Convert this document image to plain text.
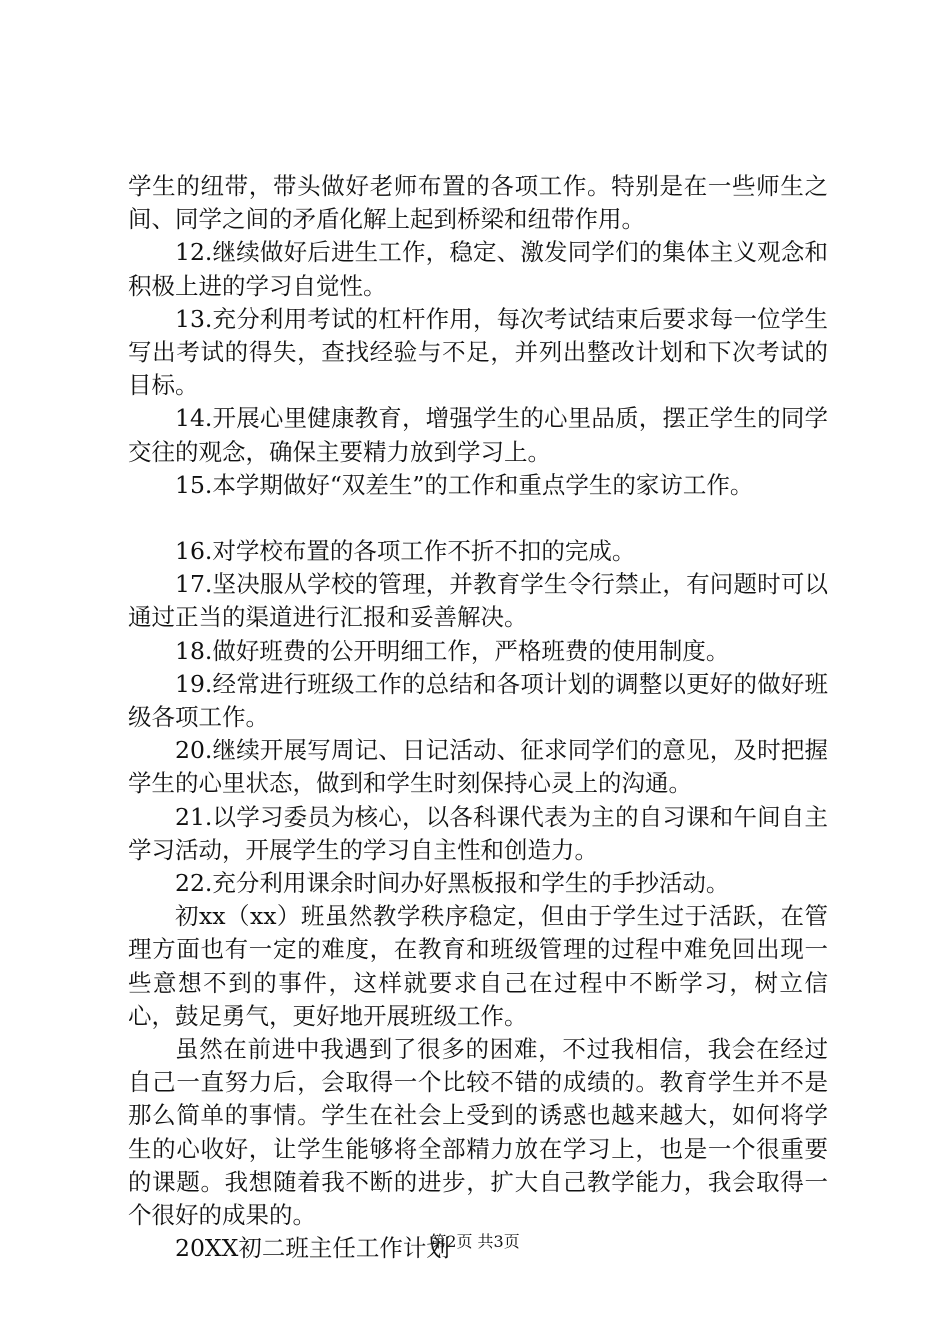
学生的纽带，带头做好老师布置的各项工作。特别是在一些师生之间、同学之间的矛盾化解上起到桥梁和纽带作用。

12.继续做好后进生工作，稳定、激发同学们的集体主义观念和积极上进的学习自觉性。

13.充分利用考试的杠杆作用，每次考试结束后要求每一位学生写出考试的得失，查找经验与不足，并列出整改计划和下次考试的目标。

14.开展心里健康教育，增强学生的心里品质，摆正学生的同学交往的观念，确保主要精力放到学习上。

15.本学期做好“双差生”的工作和重点学生的家访工作。

16.对学校布置的各项工作不折不扣的完成。

17.坚决服从学校的管理，并教育学生令行禁止，有问题时可以通过正当的渠道进行汇报和妥善解决。

18.做好班费的公开明细工作，严格班费的使用制度。

19.经常进行班级工作的总结和各项计划的调整以更好的做好班级各项工作。

20.继续开展写周记、日记活动、征求同学们的意见，及时把握学生的心里状态，做到和学生时刻保持心灵上的沟通。

21.以学习委员为核心，以各科课代表为主的自习课和午间自主学习活动，开展学生的学习自主性和创造力。

22.充分利用课余时间办好黑板报和学生的手抄活动。

初xx（xx）班虽然教学秩序稳定，但由于学生过于活跃，在管理方面也有一定的难度，在教育和班级管理的过程中难免回出现一些意想不到的事件，这样就要求自己在过程中不断学习，树立信心，鼓足勇气，更好地开展班级工作。

虽然在前进中我遇到了很多的困难，不过我相信，我会在经过自己一直努力后，会取得一个比较不错的成绩的。教育学生并不是那么简单的事情。学生在社会上受到的诱惑也越来越大，如何将学生的心收好，让学生能够将全部精力放在学习上，也是一个很重要的课题。我想随着我不断的进步，扩大自己教学能力，我会取得一个很好的成果的。

20XX初二班主任工作计划

第2页 共3页
